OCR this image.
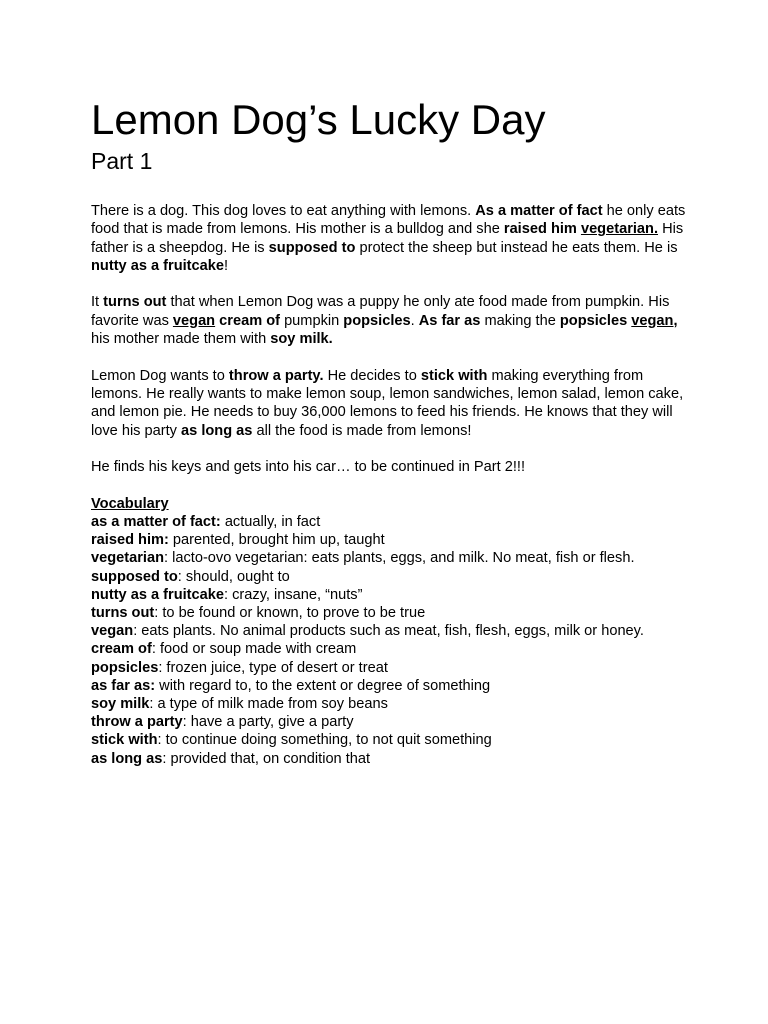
Lemon Dog’s Lucky Day
Part 1

There is a dog. This dog loves to eat anything with lemons. As a matter of fact he only eats food that is made from lemons. His mother is a bulldog and she raised him vegetarian. His father is a sheepdog. He is supposed to protect the sheep but instead he eats them. He is nutty as a fruitcake!

It turns out that when Lemon Dog was a puppy he only ate food made from pumpkin. His favorite was vegan cream of pumpkin popsicles. As far as making the popsicles vegan, his mother made them with soy milk.

Lemon Dog wants to throw a party. He decides to stick with making everything from lemons. He really wants to make lemon soup, lemon sandwiches, lemon salad, lemon cake, and lemon pie. He needs to buy 36,000 lemons to feed his friends. He knows that they will love his party as long as all the food is made from lemons!

He finds his keys and gets into his car… to be continued in Part 2!!!

Vocabulary
as a matter of fact: actually, in fact
raised him: parented, brought him up, taught
vegetarian: lacto-ovo vegetarian: eats plants, eggs, and milk. No meat, fish or flesh.
supposed to: should, ought to
nutty as a fruitcake: crazy, insane, “nuts”
turns out: to be found or known, to prove to be true
vegan: eats plants. No animal products such as meat, fish, flesh, eggs, milk or honey.
cream of: food or soup made with cream
popsicles: frozen juice, type of desert or treat
as far as: with regard to, to the extent or degree of something
soy milk: a type of milk made from soy beans
throw a party: have a party, give a party
stick with: to continue doing something, to not quit something
as long as: provided that, on condition that
